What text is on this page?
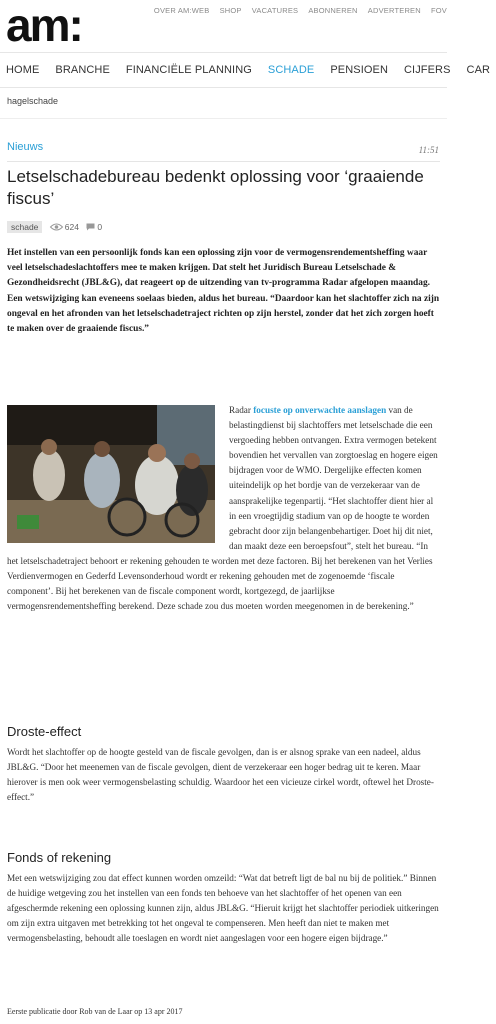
am:	OVER AM:WEB SHOP VACATURES ABONNEREN ADVERTEREN FOV
HOME BRANCHE FINANCIËLE PLANNING SCHADE PENSIOEN CIJFERS CAR
hagelschade
Nieuws	11:51
Letselschadebureau bedenkt oplossing voor ‘graaiende fiscus’
schade	624 0

Het instellen van een persoonlijk fonds kan een oplossing zijn voor de vermogensrendementsheffing waar veel letselschadeslachtoffers mee te maken krijgen. Dat stelt het Juridisch Bureau Letselschade & Gezondheidsrecht (JBL&G), dat reageert op de uitzending van tv-programma Radar afgelopen maandag. Een wetswijziging kan eveneens soelaas bieden, aldus het bureau. “Daardoor kan het slachtoffer zich na zijn ongeval en het afronden van het letselschadetraject richten op zijn herstel, zonder dat het zich zorgen hoeft te maken over de graaiende fiscus.”

Radar focuste op onverwachte aanslagen van de belastingdienst bij slachtoffers met letselschade die een vergoeding hebben ontvangen. Extra vermogen betekent bovendien het vervallen van zorgtoeslag en hogere eigen bijdragen voor de WMO. Dergelijke effecten komen uiteindelijk op het bordje van de verzekeraar van de aansprakelijke tegenpartij. “Het slachtoffer dient hier al in een vroegtijdig stadium van op de hoogte te worden gebracht door zijn belangenbehartiger. Doet hij dit niet, dan maakt deze een beroepsfout”, stelt het bureau. “In het letselschadetraject behoort er rekening gehouden te worden met deze factoren. Bij het berekenen van het Verlies Verdienvermogen en Gederfd Levensonderhoud wordt er rekening gehouden met de zogenoemde ‘fiscale component’. Bij het berekenen van de fiscale component wordt, kortgezegd, de jaarlijkse vermogensrendementsheffing berekend. Deze schade zou dus moeten worden meegenomen in de berekening.”

Droste-effect

Wordt het slachtoffer op de hoogte gesteld van de fiscale gevolgen, dan is er alsnog sprake van een nadeel, aldus JBL&G. “Door het meenemen van de fiscale gevolgen, dient de verzekeraar een hoger bedrag uit te keren. Maar hierover is men ook weer vermogensbelasting schuldig. Waardoor het een vicieuze cirkel wordt, oftewel het Droste-effect.”

Fonds of rekening

Met een wetswijziging zou dat effect kunnen worden omzeild: “Wat dat betreft ligt de bal nu bij de politiek.” Binnen de huidige wetgeving zou het instellen van een fonds ten behoeve van het slachtoffer of het openen van een afgeschermde rekening een oplossing kunnen zijn, aldus JBL&G. “Hieruit krijgt het slachtoffer periodiek uitkeringen om zijn extra uitgaven met betrekking tot het ongeval te compenseren. Men heeft dan niet te maken met vermogensbelasting, behoudt alle toeslagen en wordt niet aangeslagen voor een hogere eigen bijdrage.”

Eerste publicatie door Rob van de Laar op 13 apr 2017
